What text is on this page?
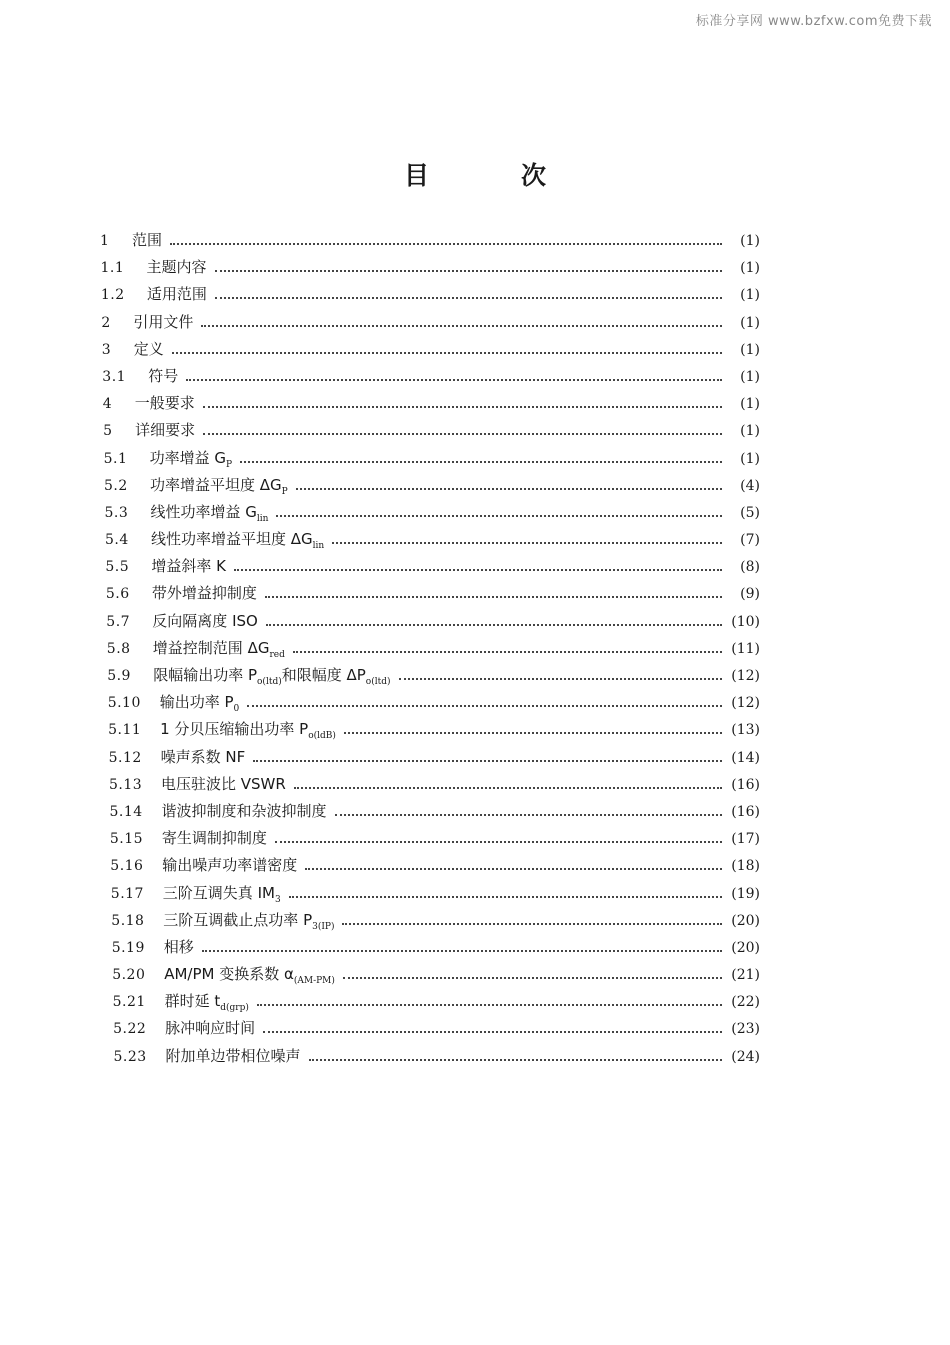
标准分享网 www.bzfxw.com免费下载
目	次
1	范围	(1)
1.1	主题内容	(1)
1.2	适用范围	(1)
2	引用文件	(1)
3	定义	(1)
3.1	符号	(1)
4	一般要求	(1)
5	详细要求	(1)
5.1	功率增益 $G_P$	(1)
5.2	功率增益平坦度 $\Delta G_P$	(4)
5.3	线性功率增益 $G_{lin}$	(5)
5.4	线性功率增益平坦度 $\Delta G_{lin}$	(7)
5.5	增益斜率 K	(8)
5.6	带外增益抑制度	(9)
5.7	反向隔离度 ISO	(10)
5.8	增益控制范围 $\Delta G_{red}$	(11)
5.9	限幅输出功率 $P_{o(ltd)}$和限幅度 $\Delta P_{o(ltd)}$	(12)
5.10	输出功率 $P_0$	(12)
5.11	1 分贝压缩输出功率 $P_{o(ldB)}$	(13)
5.12	噪声系数 NF	(14)
5.13	电压驻波比 VSWR	(16)
5.14	谐波抑制度和杂波抑制度	(16)
5.15	寄生调制抑制度	(17)
5.16	输出噪声功率谱密度	(18)
5.17	三阶互调失真 $IM_3$	(19)
5.18	三阶互调截止点功率 $P_{3(IP)}$	(20)
5.19	相移	(20)
5.20	AM/PM 变换系数 $\alpha_{(AM-PM)}$	(21)
5.21	群时延 $t_{d(grp)}$	(22)
5.22	脉冲响应时间	(23)
5.23	附加单边带相位噪声	(24)
